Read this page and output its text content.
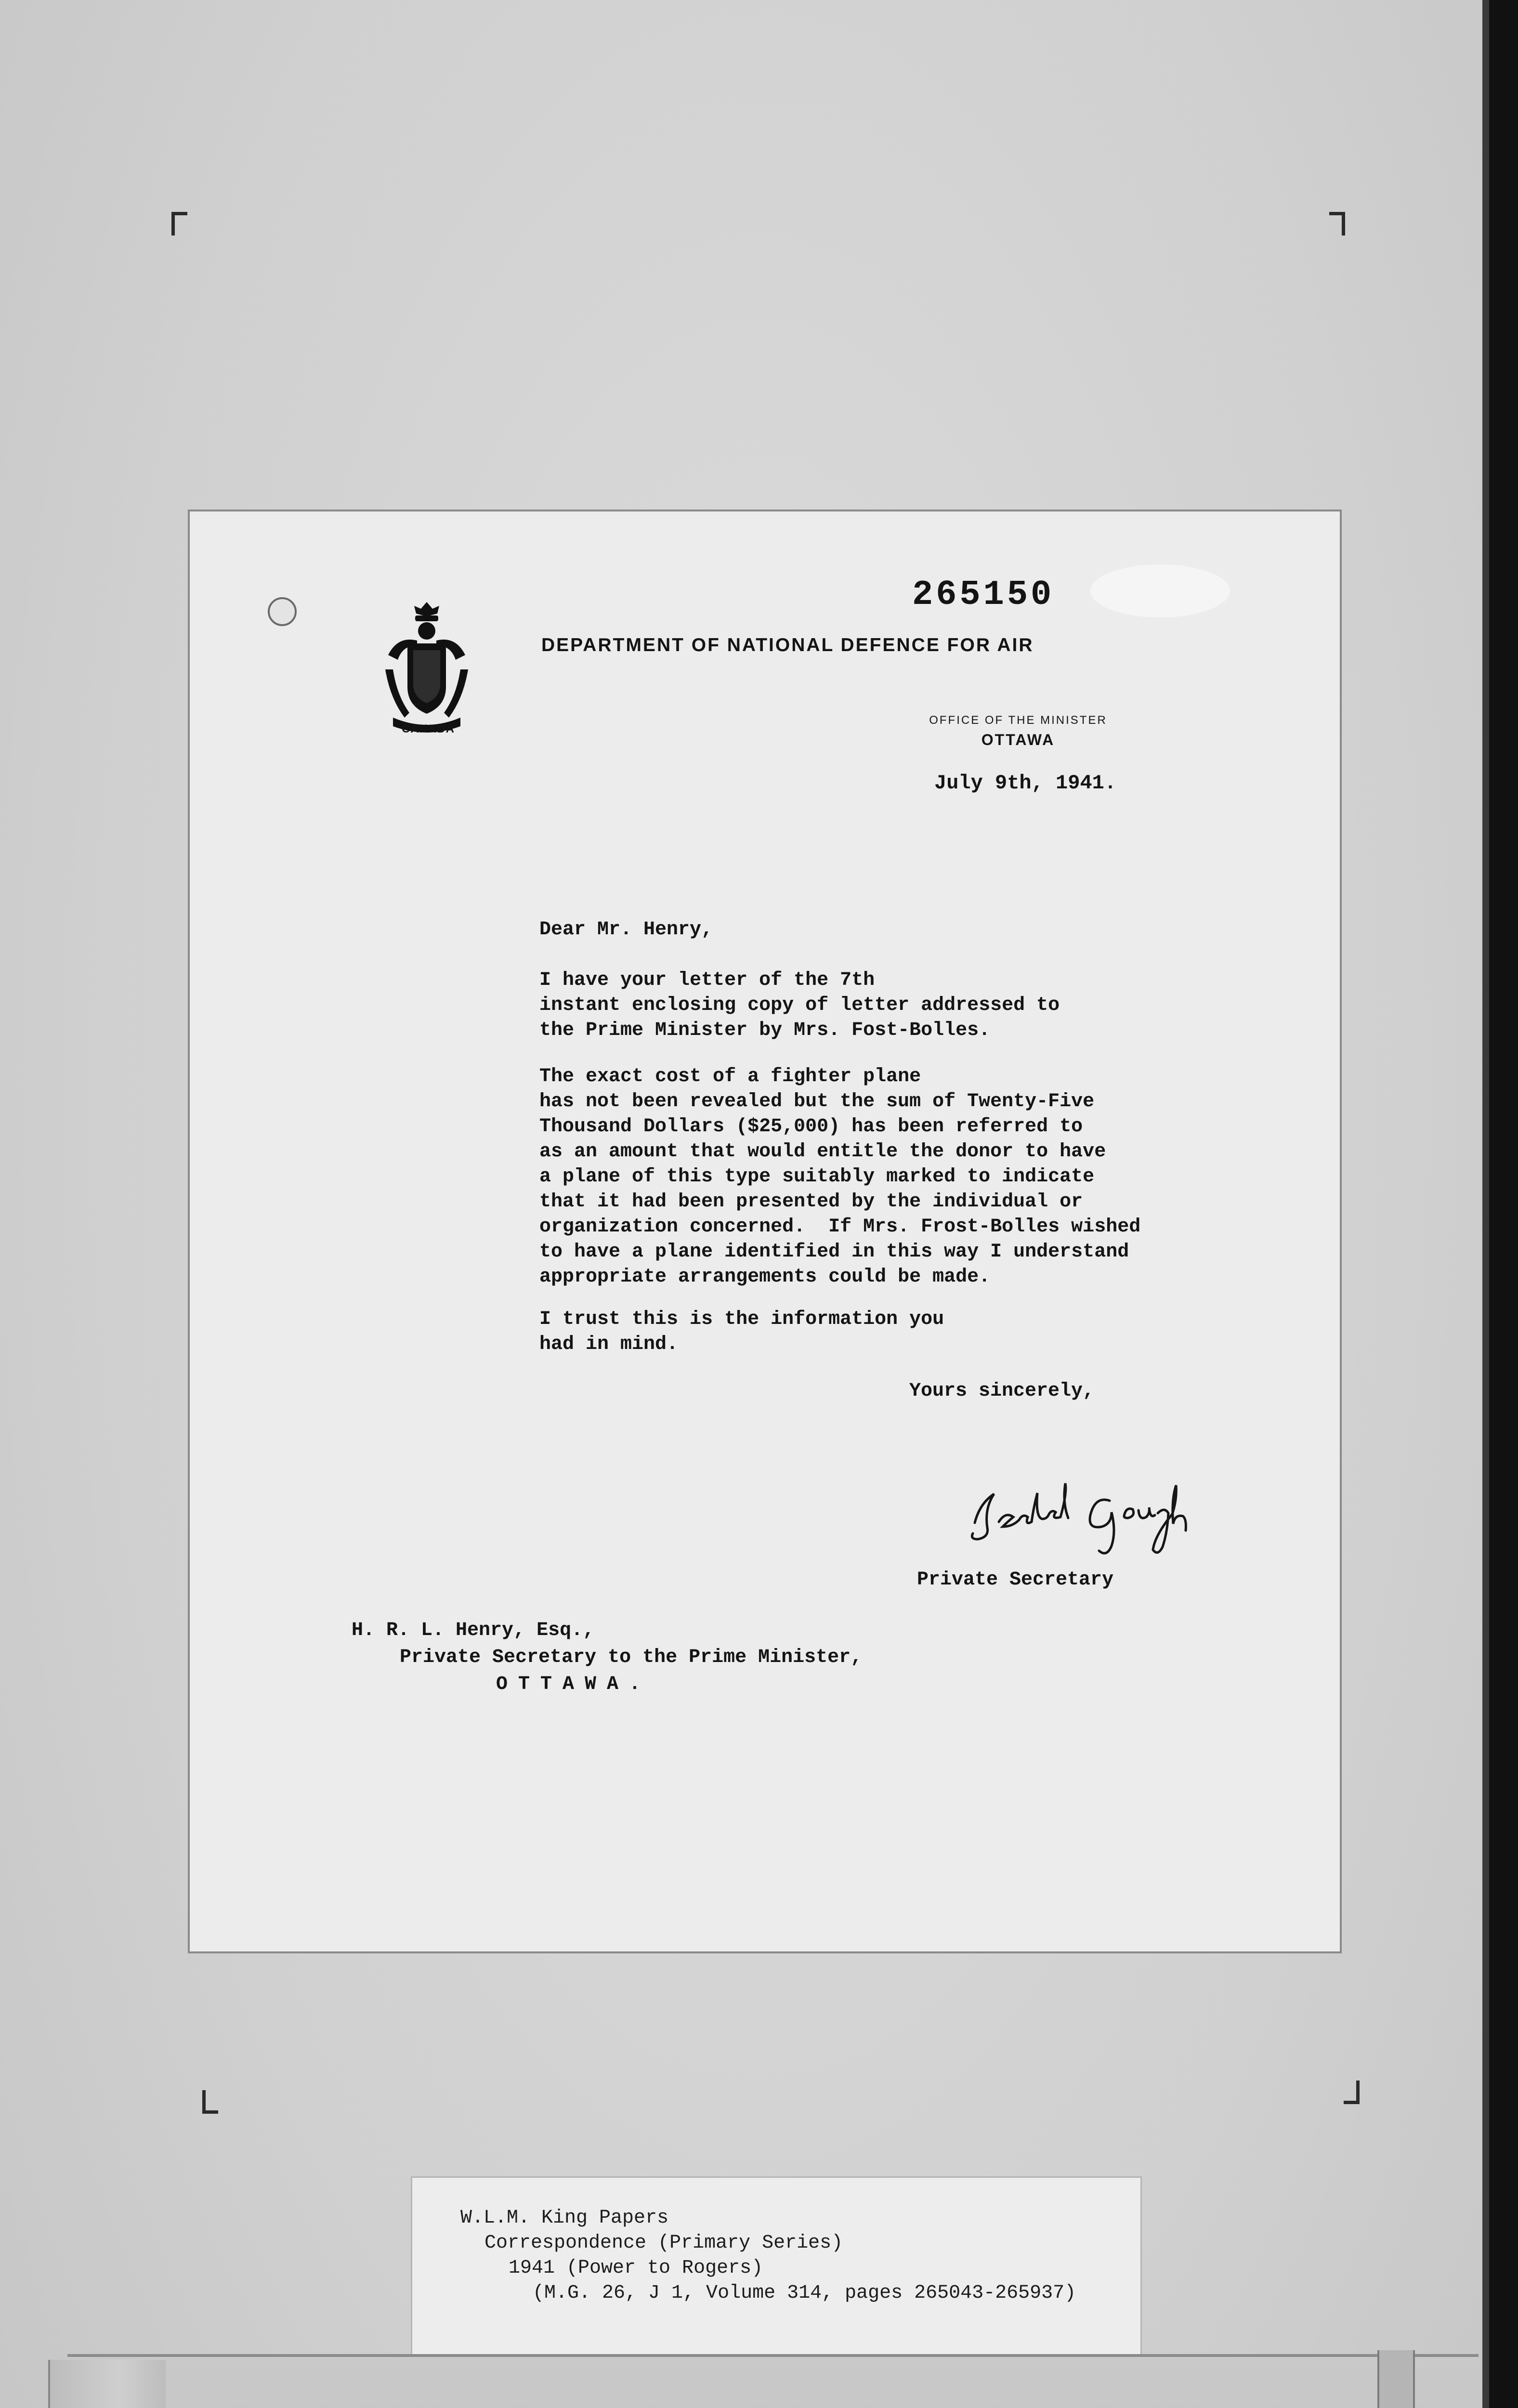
265150
CANADA
DEPARTMENT OF NATIONAL DEFENCE FOR AIR
OFFICE OF THE MINISTER
OTTAWA
July 9th, 1941.
Dear Mr. Henry,
I have your letter of the 7th
instant enclosing copy of letter addressed to
the Prime Minister by Mrs. Fost-Bolles.
The exact cost of a fighter plane
has not been revealed but the sum of Twenty-Five
Thousand Dollars ($25,000) has been referred to
as an amount that would entitle the donor to have
a plane of this type suitably marked to indicate
that it had been presented by the individual or
organization concerned.  If Mrs. Frost-Bolles wished
to have a plane identified in this way I understand
appropriate arrangements could be made.
I trust this is the information you
had in mind.
Yours sincerely,
Private Secretary
H. R. L. Henry, Esq.,
Private Secretary to the Prime Minister,
OTTAWA.
W.L.M. King Papers
Correspondence (Primary Series)
1941 (Power to Rogers)
(M.G. 26, J 1, Volume 314, pages 265043-265937)
